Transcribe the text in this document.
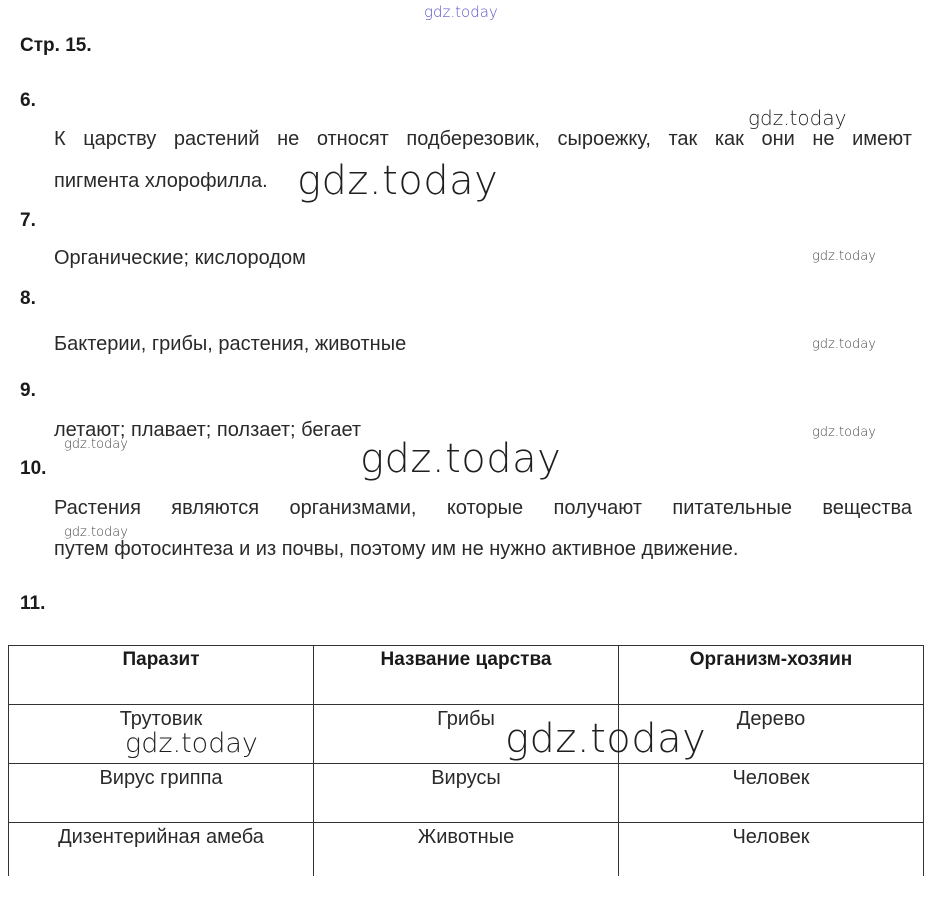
gdz.today
Стр. 15.
6.
gdz.today
К царству растений не относят подберезовик, сыроежку, так как они не имеют
пигмента хлорофилла. gdz.today
7.
Органические; кислородом	gdz.today
8.
Бактерии, грибы, растения, животные	gdz.today
9.
летают; плавает; ползает; бегает	gdz.today
gdz.today
10.	gdz.today
Растения являются организмами, которые получают питательные вещества
gdz.today
путем фотосинтеза и из почвы, поэтому им не нужно активное движение.
11.
Паразит	Название царства	Организм-хозяин
Трутовик	Грибы	Дерево
Вирус гриппа	Вирусы	Человек
Дизентерийная амеба	Животные	Человек
gdz.today	gdz.today
